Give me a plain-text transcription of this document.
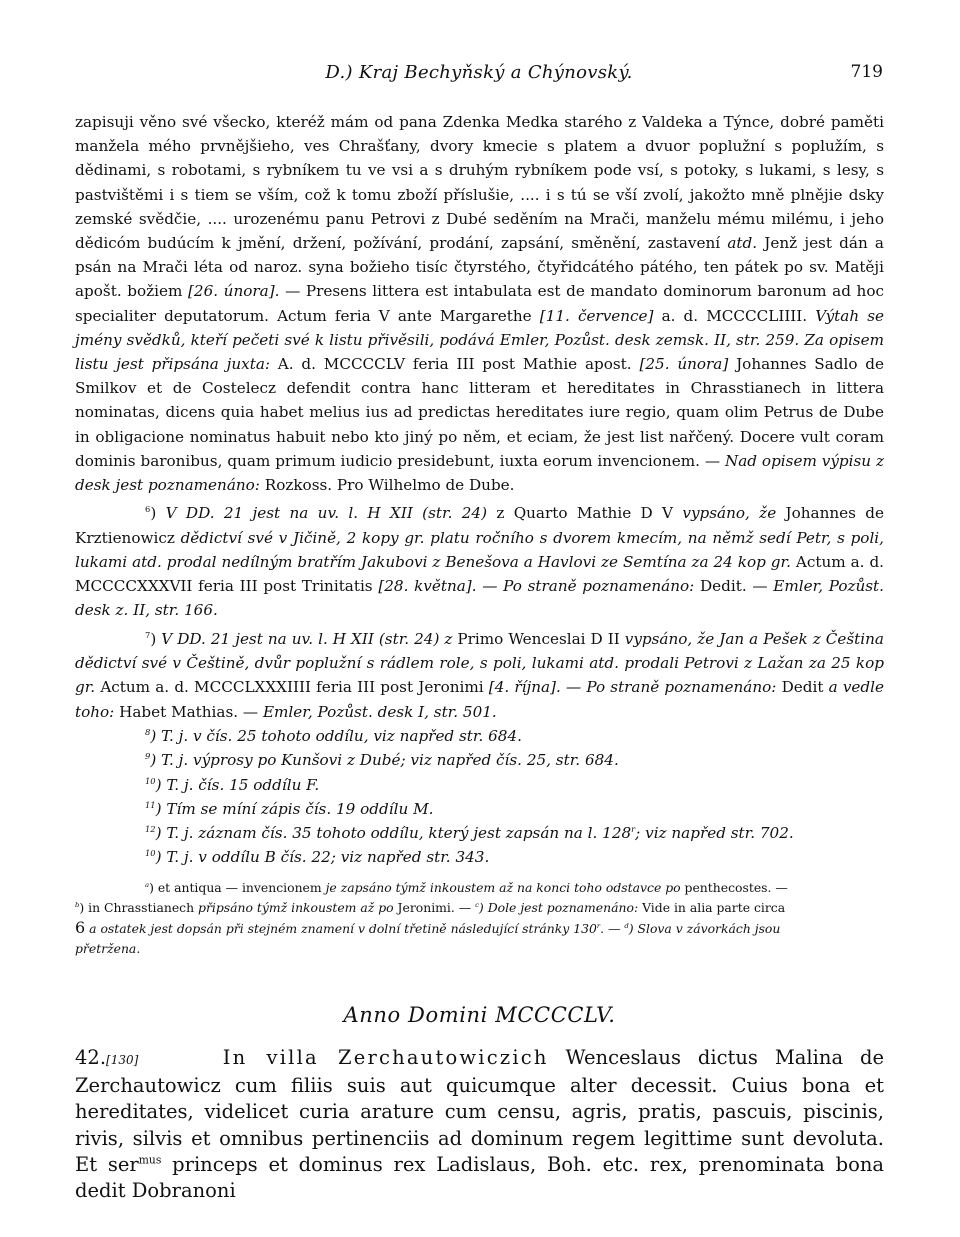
D.) Kraj Bechyňský a Chýnovský.	719

zapisuji věno své všecko, kteréž mám od pana Zdenka Medka starého z Valdeka a Týnce, dobré paměti manžela mého prvnějšieho, ves Chrašťany, dvory kmecie s platem a dvuor poplužní s poplužím, s dědinami, s robotami, s rybníkem tu ve vsi a s druhým rybníkem pode vsí, s potoky, s lukami, s lesy, s pastvištěmi i s tiem se vším, což k tomu zboží příslušie, .... i s tú se vší zvolí, jakožto mně plnějie dsky zemské svědčie, .... urozenému panu Petrovi z Dubé seděním na Mrači, manželu mému milému, i jeho dědicóm budúcím k jmění, držení, požívání, prodání, zapsání, směnění, zastavení atd. Jenž jest dán a psán na Mrači léta od naroz. syna božieho tisíc čtyrstého, čtyřidcátého pátého, ten pátek po sv. Matěji apošt. božiem [26. února]. — Presens littera est intabulata est de mandato dominorum baronum ad hoc specialiter deputatorum. Actum feria V ante Margarethe [11. července] a. d. MCCCCLIIII. Výtah se jmény svědků, kteří pečeti své k listu přivěsili, podává Emler, Pozůst. desk zemsk. II, str. 259. Za opisem listu jest připsána juxta: A. d. MCCCCLV feria III post Mathie apost. [25. února] Johannes Sadlo de Smilkov et de Costelecz defendit contra hanc litteram et hereditates in Chrasstianech in littera nominatas, dicens quia habet melius ius ad predictas hereditates iure regio, quam olim Petrus de Dube in obligacione nominatus habuit nebo kto jiný po něm, et eciam, že jest list nařčený. Docere vult coram dominis baronibus, quam primum iudicio presidebunt, iuxta eorum invencionem. — Nad opisem výpisu z desk jest poznamenáno: Rozkoss. Pro Wilhelmo de Dube.

$^6$) V DD. 21 jest na uv. l. H XII (str. 24) z Quarto Mathie D V vypsáno, že Johannes de Krztienowicz dědictví své v Jičině, 2 kopy gr. platu ročního s dvorem kmecím, na němž sedí Petr, s poli, lukami atd. prodal nedílným bratřím Jakubovi z Benešova a Havlovi ze Semtína za 24 kop gr. Actum a. d. MCCCCXXXVII feria III post Trinitatis [28. května]. — Po straně poznamenáno: Dedit. — Emler, Pozůst. desk z. II, str. 166.

$^7$) V DD. 21 jest na uv. l. H XII (str. 24) z Primo Wenceslai D II vypsáno, že Jan a Pešek z Čeština dědictví své v Češtině, dvůr poplužní s rádlem role, s poli, lukami atd. prodali Petrovi z Lažan za 25 kop gr. Actum a. d. MCCCLXXXIIII feria III post Jeronimi [4. října]. — Po straně poznamenáno: Dedit a vedle toho: Habet Mathias. — Emler, Pozůst. desk I, str. 501.

$^8$) T. j. v čís. 25 tohoto oddílu, viz napřed str. 684.

$^9$) T. j. výprosy po Kunšovi z Dubé; viz napřed čís. 25, str. 684.

$^{10}$) T. j. čís. 15 oddílu F.

$^{11}$) Tím se míní zápis čís. 19 oddílu M.

$^{12}$) T. j. záznam čís. 35 tohoto oddílu, který jest zapsán na l. 128$^r$; viz napřed str. 702.

$^{10}$) T. j. v oddílu B čís. 22; viz napřed str. 343.

$^a$) et antiqua — invencionem je zapsáno týmž inkoustem až na konci toho odstavce po penthecostes. —
$^b$) in Chrasstianech připsáno týmž inkoustem až po Jeronimi. — $^c$) Dole jest poznamenáno: Vide in alia parte circa
6 a ostatek jest dopsán při stejném znamení v dolní třetině následující stránky 130$^r$. — $^d$) Slova v závorkách jsou
přetržena.
Anno Domini MCCCCLV.
42.[130]	In villa Zerchautowiczich Wenceslaus dictus Malina de Zerchautowicz cum filiis suis aut quicumque alter decessit. Cuius bona et hereditates, videlicet curia arature cum censu, agris, pratis, pascuis, piscinis, rivis, silvis et omnibus pertinenciis ad dominum regem legittime sunt devoluta. Et ser$^{mus}$ princeps et dominus rex Ladislaus, Boh. etc. rex, prenominata bona dedit Dobranoni
